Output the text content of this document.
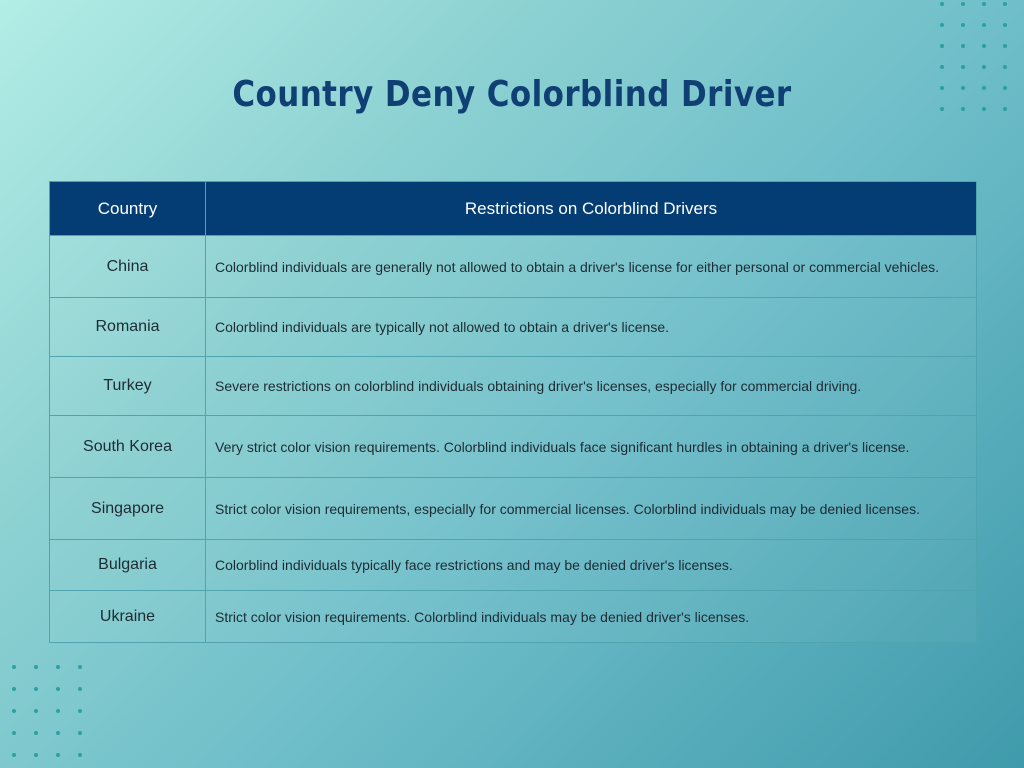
Country Deny Colorblind Driver
Country	Restrictions on Colorblind Drivers
China	Colorblind individuals are generally not allowed to obtain a driver's license for either personal or commercial vehicles.
Romania	Colorblind individuals are typically not allowed to obtain a driver's license.
Turkey	Severe restrictions on colorblind individuals obtaining driver's licenses, especially for commercial driving.
South Korea	Very strict color vision requirements. Colorblind individuals face significant hurdles in obtaining a driver's license.
Singapore	Strict color vision requirements, especially for commercial licenses. Colorblind individuals may be denied licenses.
Bulgaria	Colorblind individuals typically face restrictions and may be denied driver's licenses.
Ukraine	Strict color vision requirements. Colorblind individuals may be denied driver's licenses.
